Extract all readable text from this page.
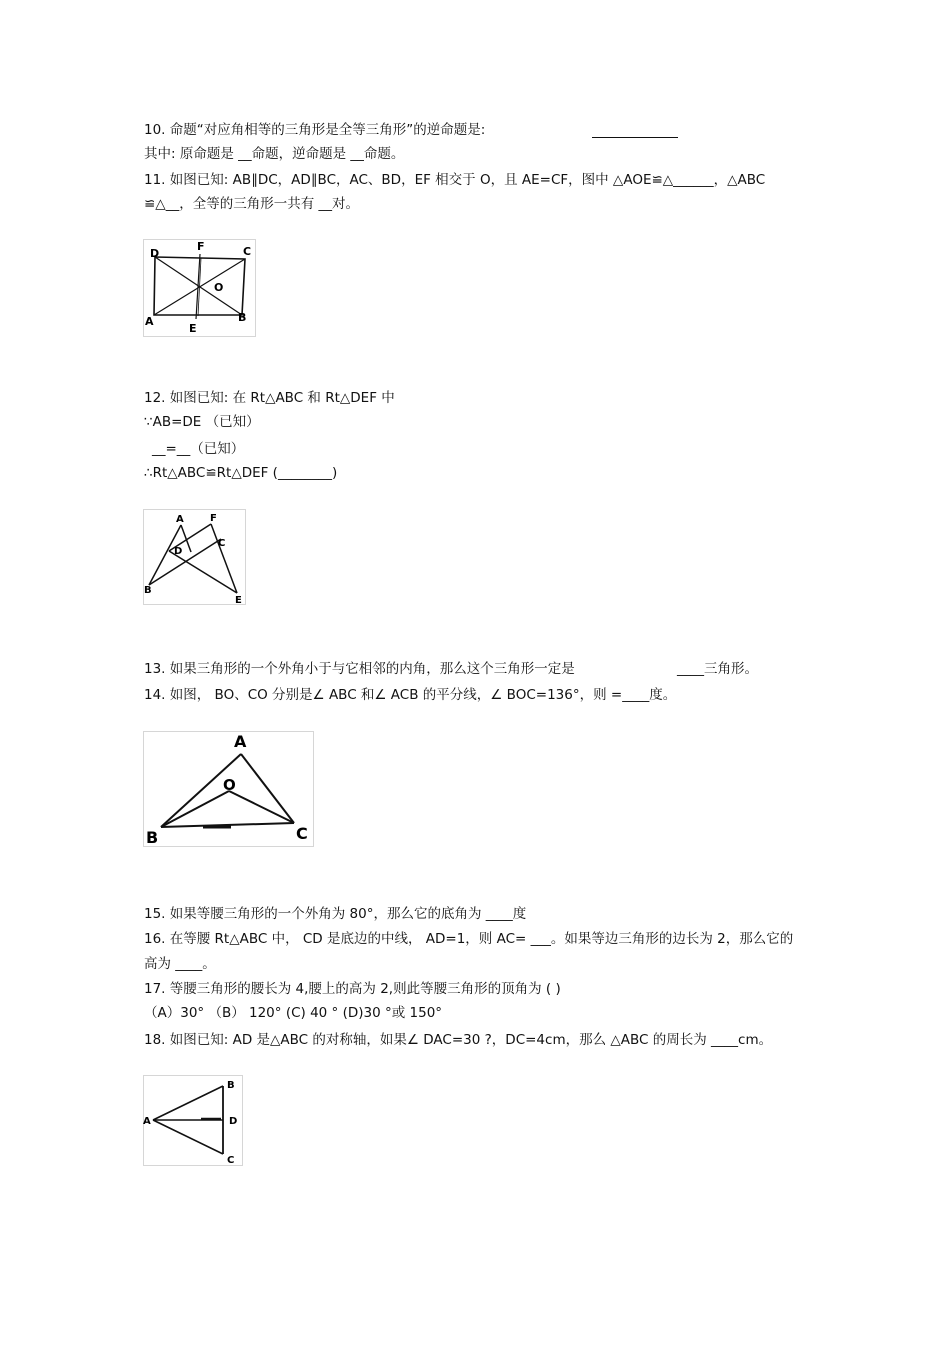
10. 命题“对应角相等的三角形是全等三角形”的逆命题是:
其中: 原命题是 __命题，逆命题是 __命题。
11. 如图已知: AB∥DC，AD∥BC，AC、BD，EF 相交于 O，且 AE=CF，图中 △AOE≌△______，△ABC
≌△__，全等的三角形一共有 __对。
D
F	C
O
A
E
B
12. 如图已知: 在 Rt△ABC 和 Rt△DEF 中
∵AB=DE （已知）
__=__（已知）
∴Rt△ABC≌Rt△DEF (________)
A	F
D
C
B
E
13. 如果三角形的一个外角小于与它相邻的内角，那么这个三角形一定是	____三角形。
14. 如图， BO、CO 分别是∠ ABC 和∠ ACB 的平分线，∠ BOC=136°，则 =____度。
A
O
B	C
15. 如果等腰三角形的一个外角为 80°，那么它的底角为 ____度
16. 在等腰 Rt△ABC 中， CD 是底边的中线， AD=1，则 AC= ___。如果等边三角形的边长为 2，那么它的
高为 ____。
17. 等腰三角形的腰长为 4,腰上的高为 2,则此等腰三角形的顶角为 ( )
（A）30° （B） 120° (C) 40 ° (D)30 °或 150°
18. 如图已知: AD 是△ABC 的对称轴，如果∠ DAC=30 ?，DC=4cm，那么 △ABC 的周长为 ____cm。
B
A	D
C
